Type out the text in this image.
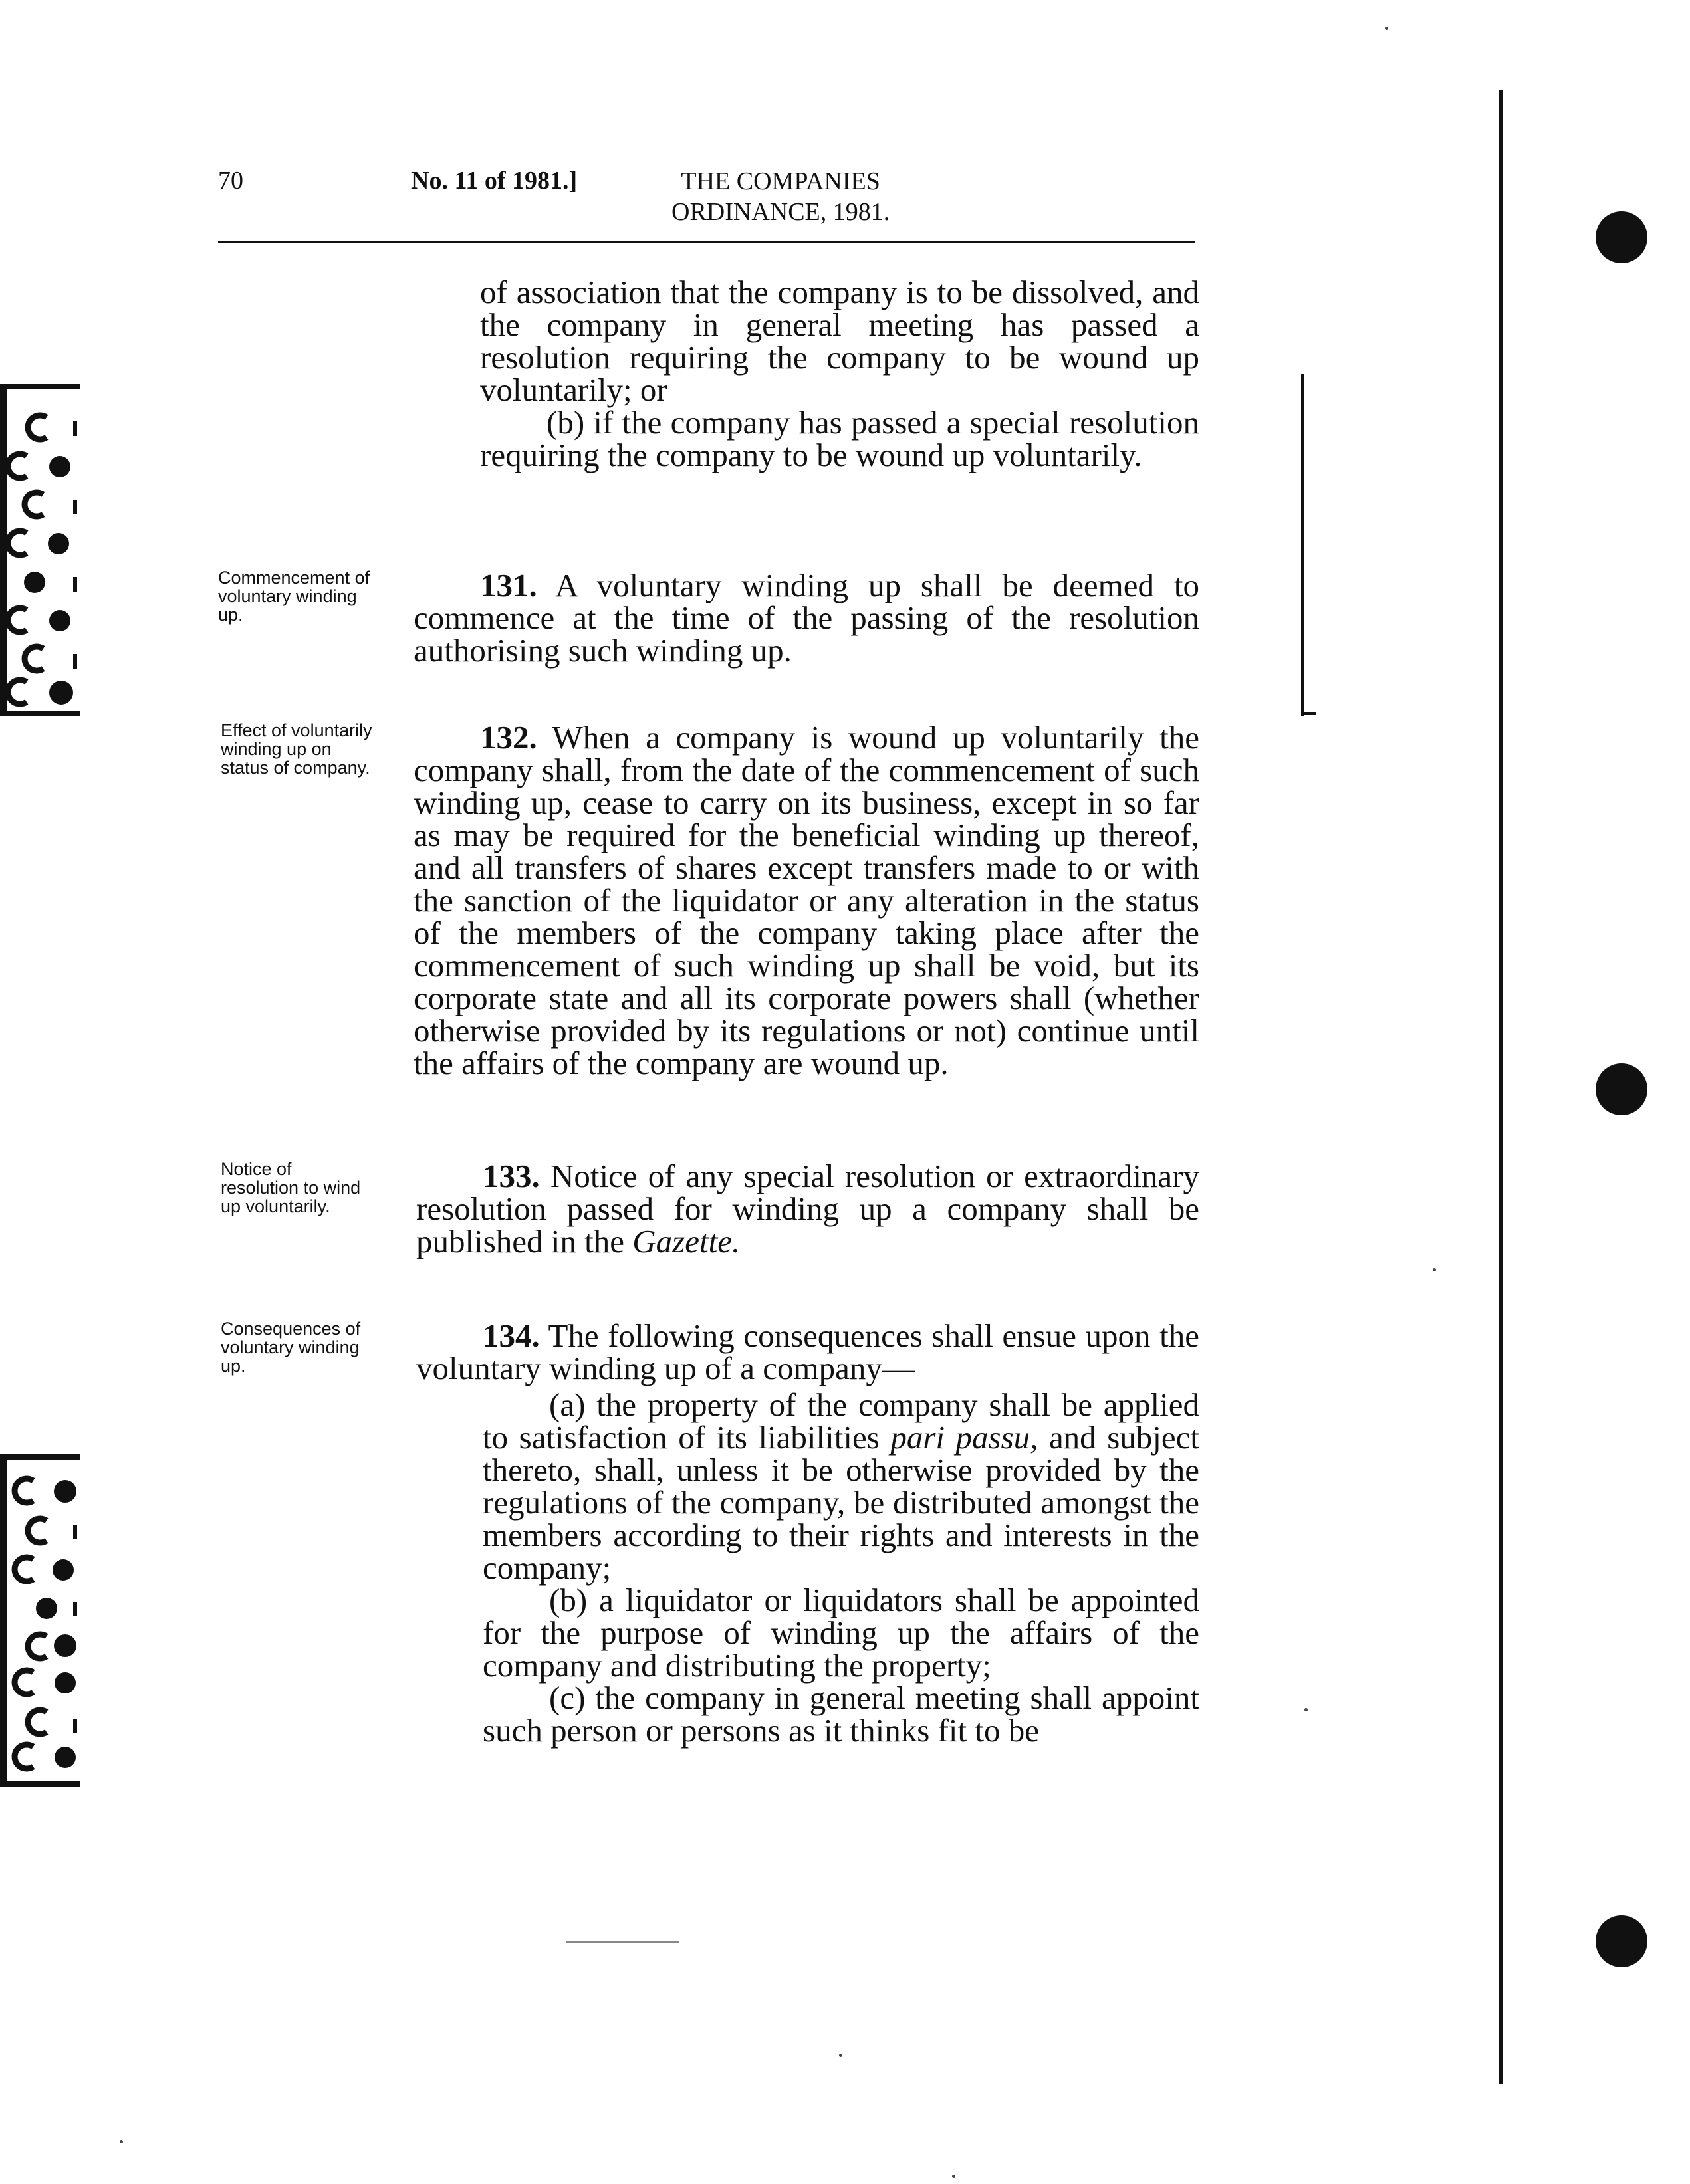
70	No. 11 of 1981.]	THE COMPANIES
ORDINANCE, 1981.

of association that the company is to be dissolved, and the company in general meeting has passed a resolution requiring the company to be wound up voluntarily; or

(b) if the company has passed a special resolution requiring the company to be wound up voluntarily.

Commencement of voluntary winding up.

131. A voluntary winding up shall be deemed to commence at the time of the passing of the resolution authorising such winding up.

Effect of voluntarily winding up on status of company.

132. When a company is wound up voluntarily the company shall, from the date of the commencement of such winding up, cease to carry on its business, except in so far as may be required for the beneficial winding up thereof, and all transfers of shares except transfers made to or with the sanction of the liquidator or any alteration in the status of the members of the company taking place after the commencement of such winding up shall be void, but its corporate state and all its corporate powers shall (whether otherwise provided by its regulations or not) continue until the affairs of the company are wound up.

Notice of resolution to wind up voluntarily.

133. Notice of any special resolution or extraordinary resolution passed for winding up a company shall be published in the Gazette.

Consequences of voluntary winding up.

134. The following consequences shall ensue upon the voluntary winding up of a company—

(a) the property of the company shall be applied to satisfaction of its liabilities pari passu, and subject thereto, shall, unless it be otherwise provided by the regulations of the company, be distributed amongst the members according to their rights and interests in the company;

(b) a liquidator or liquidators shall be appointed for the purpose of winding up the affairs of the company and distributing the property;

(c) the company in general meeting shall appoint such person or persons as it thinks fit to be
